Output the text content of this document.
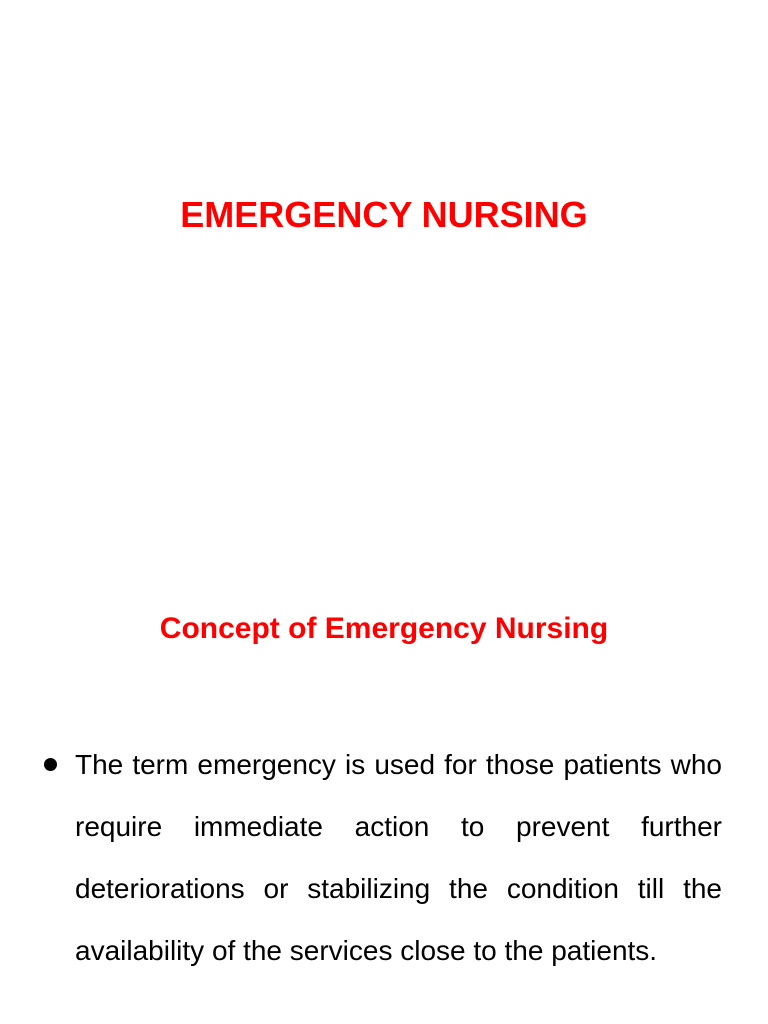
EMERGENCY NURSING
Concept of Emergency Nursing
The term emergency is used for those patients who require immediate action to prevent further deteriorations or stabilizing the condition till the availability of the services close to the patients.
